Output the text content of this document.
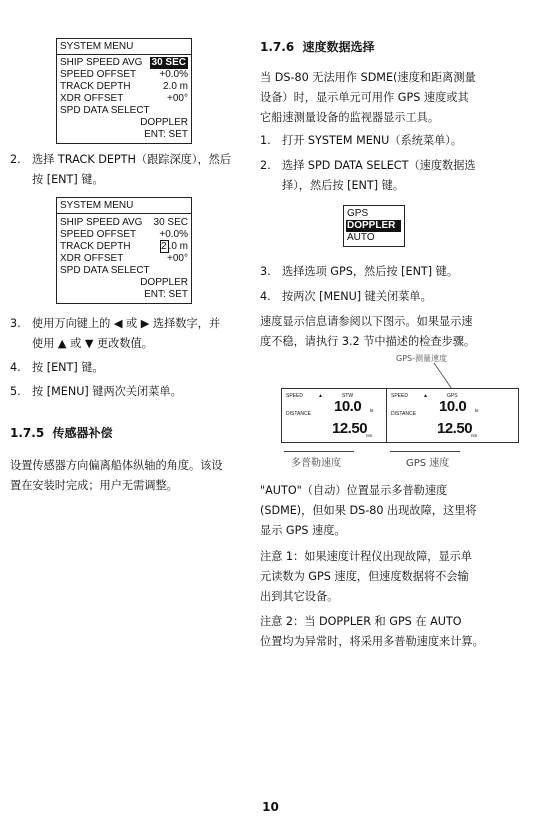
SYSTEM MENU
SHIP SPEED AVG 30 SEC
SPEED OFFSET +0.0%
TRACK DEPTH	2.0 m
XDR OFFSET	+00°
SPD DATA SELECT
DOPPLER
ENT: SET
2.	选择 TRACK DEPTH（跟踪深度），然后
按 [ENT] 键。
SYSTEM MENU
SHIP SPEED AVG 30 SEC
SPEED OFFSET +0.0%
TRACK DEPTH	2 .0 m
XDR OFFSET	+00°
SPD DATA SELECT
DOPPLER
ENT: SET
3.	使用万向键上的 ◀ 或 ▶ 选择数字，并
使用 ▲ 或 ▼ 更改数值。
4.	按 [ENT] 键。
5.	按 [MENU] 键两次关闭菜单。
1.7.5 传感器补偿
设置传感器方向偏离船体纵轴的角度。该设
置在安装时完成；用户无需调整。
1.7.6 速度数据选择
当 DS-80 无法用作 SDME(速度和距离测量
设备）时，显示单元可用作 GPS 速度或其
它船速测量设备的监视器显示工具。
1.	打开 SYSTEM MENU（系统菜单）。
2.	选择 SPD DATA SELECT（速度数据选
择），然后按 [ENT] 键。
GPS
DOPPLER
AUTO
3.	选择选项 GPS，然后按 [ENT] 键。
4.	按两次 [MENU] 键关闭菜单。
速度显示信息请参阅以下图示。如果显示速
度不稳，请执行 3.2 节中描述的检查步骤。
GPS-测量速度
SPEED	▲	STW
10.0 kt
DISTANCE
12.50
nm
SPEED	▲	GPS
10.0 kt
DISTANCE
12.50
nm
多普勒速度	GPS 速度
"AUTO"（自动）位置显示多普勒速度
(SDME)，但如果 DS-80 出现故障，这里将
显示 GPS 速度。
注意 1：如果速度计程仪出现故障，显示单
元读数为 GPS 速度，但速度数据将不会输
出到其它设备。
注意 2：当 DOPPLER 和 GPS 在 AUTO
位置均为异常时，将采用多普勒速度来计算。
10
